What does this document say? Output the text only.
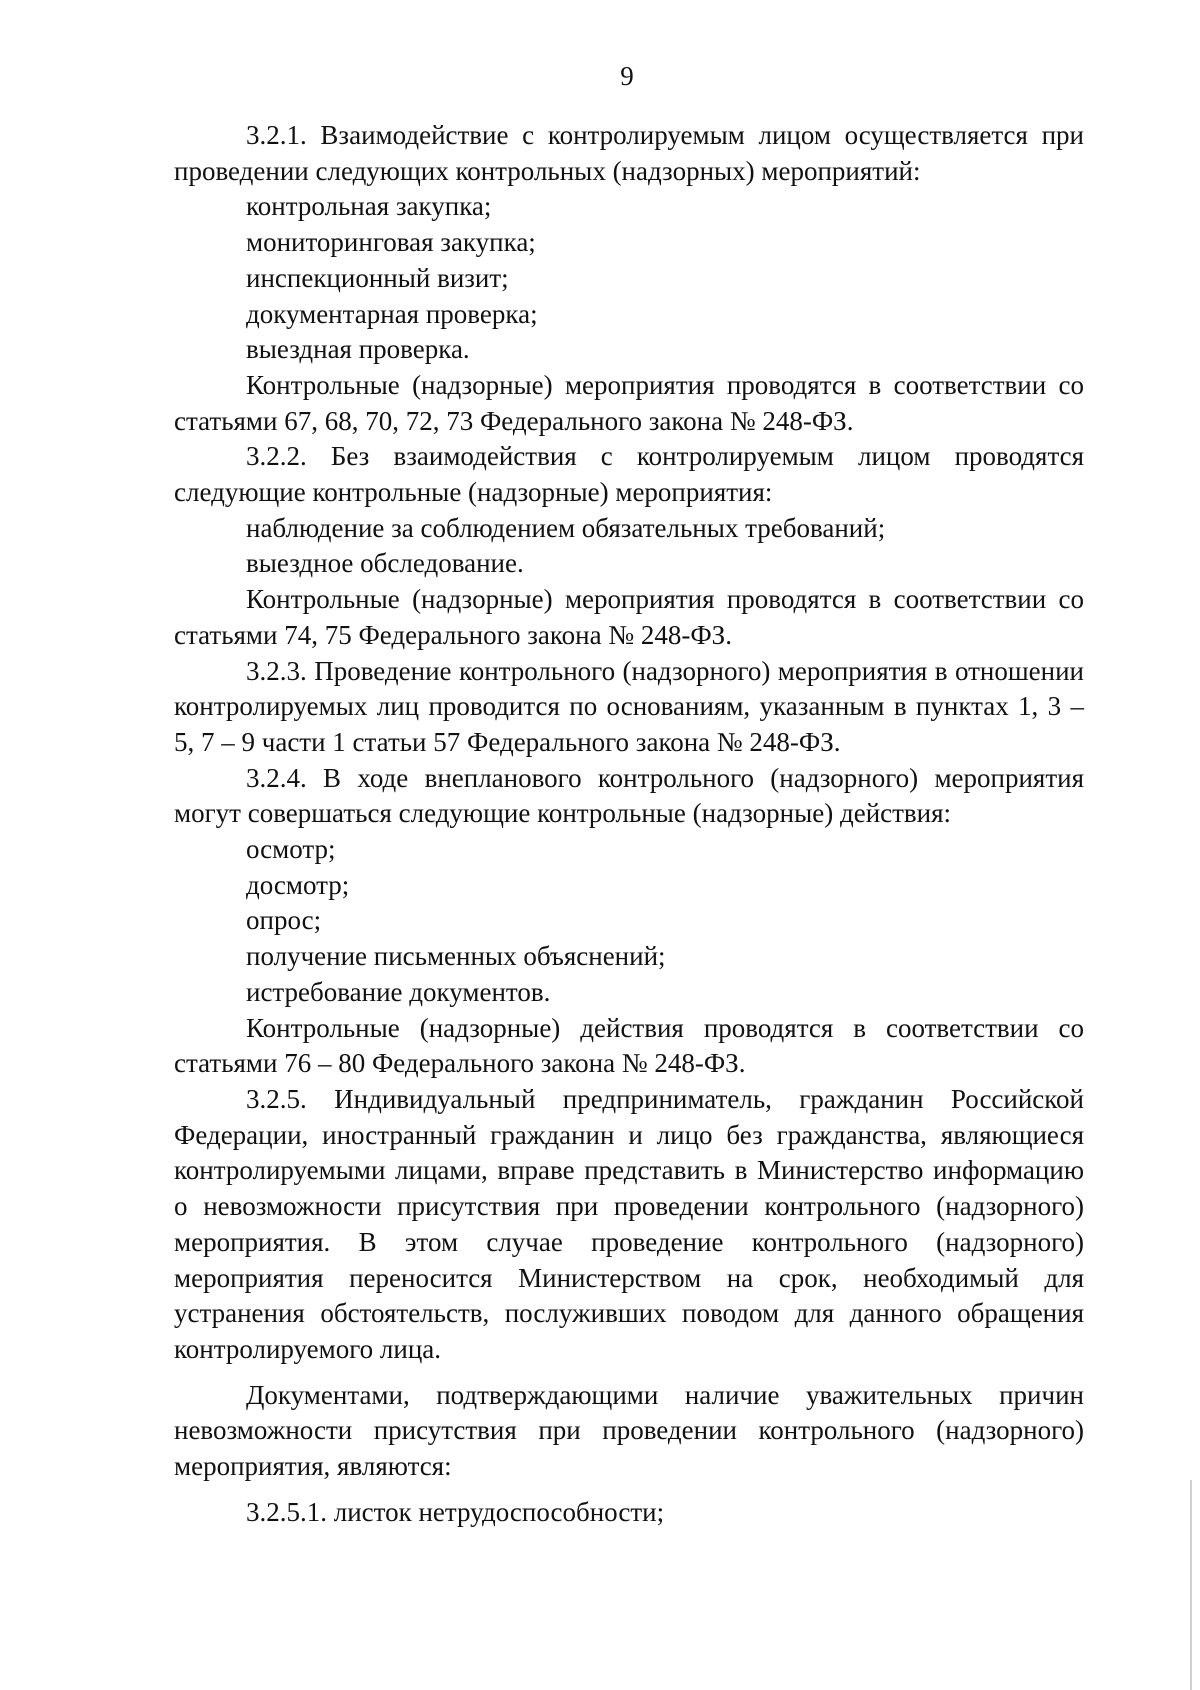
9

3.2.1. Взаимодействие с контролируемым лицом осуществляется при проведении следующих контрольных (надзорных) мероприятий:

контрольная закупка;
мониторинговая закупка;
инспекционный визит;
документарная проверка;
выездная проверка.

Контрольные (надзорные) мероприятия проводятся в соответствии со статьями 67, 68, 70, 72, 73 Федерального закона № 248-ФЗ.

3.2.2. Без взаимодействия с контролируемым лицом проводятся следующие контрольные (надзорные) мероприятия:

наблюдение за соблюдением обязательных требований;
выездное обследование.

Контрольные (надзорные) мероприятия проводятся в соответствии со статьями 74, 75 Федерального закона № 248-ФЗ.

3.2.3. Проведение контрольного (надзорного) мероприятия в отношении контролируемых лиц проводится по основаниям, указанным в пунктах 1, 3 – 5, 7 – 9 части 1 статьи 57 Федерального закона № 248-ФЗ.

3.2.4. В ходе внепланового контрольного (надзорного) мероприятия могут совершаться следующие контрольные (надзорные) действия:

осмотр;
досмотр;
опрос;
получение письменных объяснений;
истребование документов.

Контрольные (надзорные) действия проводятся в соответствии со статьями 76 – 80 Федерального закона № 248-ФЗ.

3.2.5. Индивидуальный предприниматель, гражданин Российской Федерации, иностранный гражданин и лицо без гражданства, являющиеся контролируемыми лицами, вправе представить в Министерство информацию о невозможности присутствия при проведении контрольного (надзорного) мероприятия. В этом случае проведение контрольного (надзорного) мероприятия переносится Министерством на срок, необходимый для устранения обстоятельств, послуживших поводом для данного обращения контролируемого лица.

Документами, подтверждающими наличие уважительных причин невозможности присутствия при проведении контрольного (надзорного) мероприятия, являются:

3.2.5.1. листок нетрудоспособности;
